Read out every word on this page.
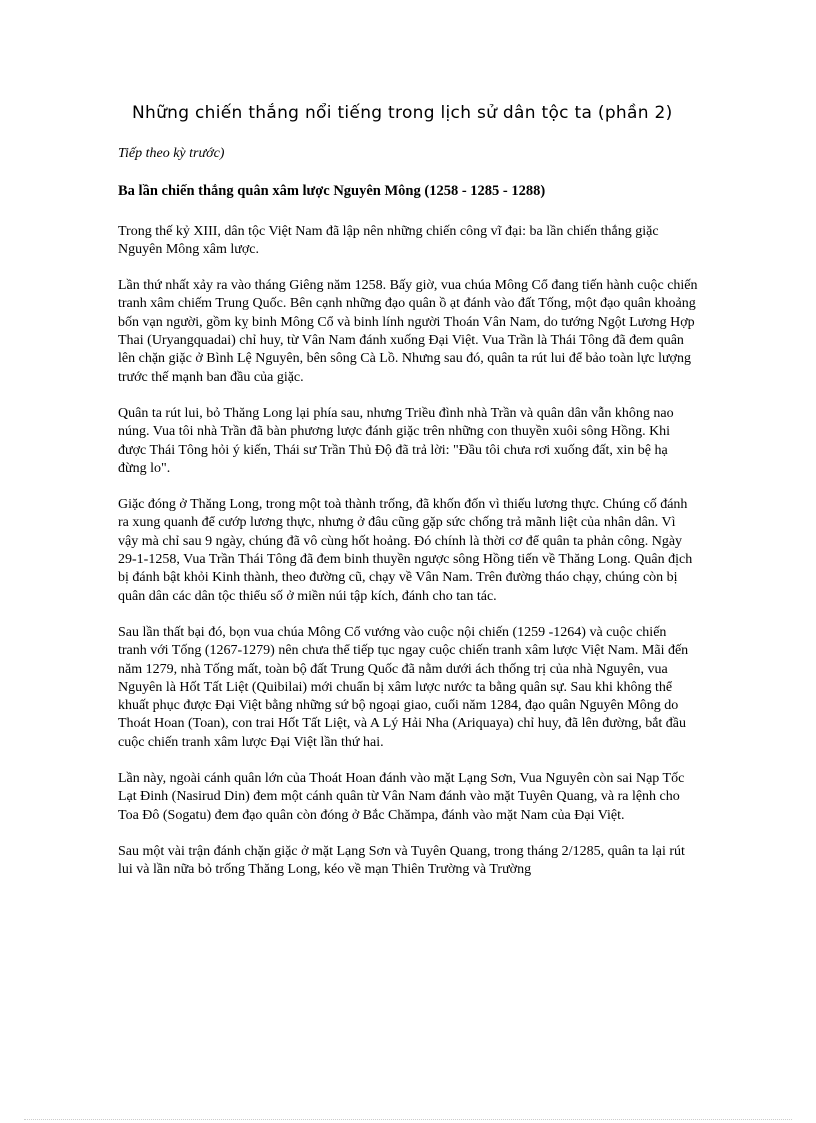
Những chiến thắng nổi tiếng trong lịch sử dân tộc ta (phần 2)

Tiếp theo kỳ trước)

Ba lần chiến thắng quân xâm lược Nguyên Mông (1258 - 1285 - 1288)

Trong thế kỷ XIII, dân tộc Việt Nam đã lập nên những chiến công vĩ đại: ba lần chiến thắng giặc Nguyên Mông xâm lược.

Lần thứ nhất xảy ra vào tháng Giêng năm 1258. Bấy giờ, vua chúa Mông Cổ đang tiến hành cuộc chiến tranh xâm chiếm Trung Quốc. Bên cạnh những đạo quân ồ ạt đánh vào đất Tống, một đạo quân khoảng bốn vạn người, gồm kỵ binh Mông Cổ và binh lính người Thoán Vân Nam, do tướng Ngột Lương Hợp Thai (Uryangquadai) chỉ huy, từ Vân Nam đánh xuống Đại Việt. Vua Trần là Thái Tông đã đem quân lên chặn giặc ở Bình Lệ Nguyên, bên sông Cà Lồ. Nhưng sau đó, quân ta rút lui để bảo toàn lực lượng trước thế mạnh ban đầu của giặc.

Quân ta rút lui, bỏ Thăng Long lại phía sau, nhưng Triều đình nhà Trần và quân dân vẫn không nao núng. Vua tôi nhà Trần đã bàn phương lược đánh giặc trên những con thuyền xuôi sông Hồng. Khi được Thái Tông hỏi ý kiến, Thái sư Trần Thủ Độ đã trả lời: "Đầu tôi chưa rơi xuống đất, xin bệ hạ đừng lo".

Giặc đóng ở Thăng Long, trong một toà thành trống, đã khốn đốn vì thiếu lương thực. Chúng cố đánh ra xung quanh để cướp lương thực, nhưng ở đâu cũng gặp sức chống trả mãnh liệt của nhân dân. Vì vậy mà chỉ sau 9 ngày, chúng đã vô cùng hốt hoảng. Đó chính là thời cơ để quân ta phản công. Ngày 29-1-1258, Vua Trần Thái Tông đã đem binh thuyền ngược sông Hồng tiến về Thăng Long. Quân địch bị đánh bật khỏi Kinh thành, theo đường cũ, chạy về Vân Nam. Trên đường tháo chạy, chúng còn bị quân dân các dân tộc thiểu số ở miền núi tập kích, đánh cho tan tác.

Sau lần thất bại đó, bọn vua chúa Mông Cổ vướng vào cuộc nội chiến (1259 -1264) và cuộc chiến tranh với Tống (1267-1279) nên chưa thể tiếp tục ngay cuộc chiến tranh xâm lược Việt Nam. Mãi đến năm 1279, nhà Tống mất, toàn bộ đất Trung Quốc đã nằm dưới ách thống trị của nhà Nguyên, vua Nguyên là Hốt Tất Liệt (Quibilai) mới chuẩn bị xâm lược nước ta bằng quân sự. Sau khi không thể khuất phục được Đại Việt bằng những sứ bộ ngoại giao, cuối năm 1284, đạo quân Nguyên Mông do Thoát Hoan (Toan), con trai Hốt Tất Liệt, và A Lý Hải Nha (Ariquaya) chỉ huy, đã lên đường, bắt đầu cuộc chiến tranh xâm lược Đại Việt lần thứ hai.

Lần này, ngoài cánh quân lớn của Thoát Hoan đánh vào mặt Lạng Sơn, Vua Nguyên còn sai Nạp Tốc Lạt Đinh (Nasirud Din) đem một cánh quân từ Vân Nam đánh vào mặt Tuyên Quang, và ra lệnh cho Toa Đô (Sogatu) đem đạo quân còn đóng ở Bắc Chămpa, đánh vào mặt Nam của Đại Việt.

Sau một vài trận đánh chặn giặc ở mặt Lạng Sơn và Tuyên Quang, trong tháng 2/1285, quân ta lại rút lui và lần nữa bỏ trống Thăng Long, kéo về mạn Thiên Trường và Trường
